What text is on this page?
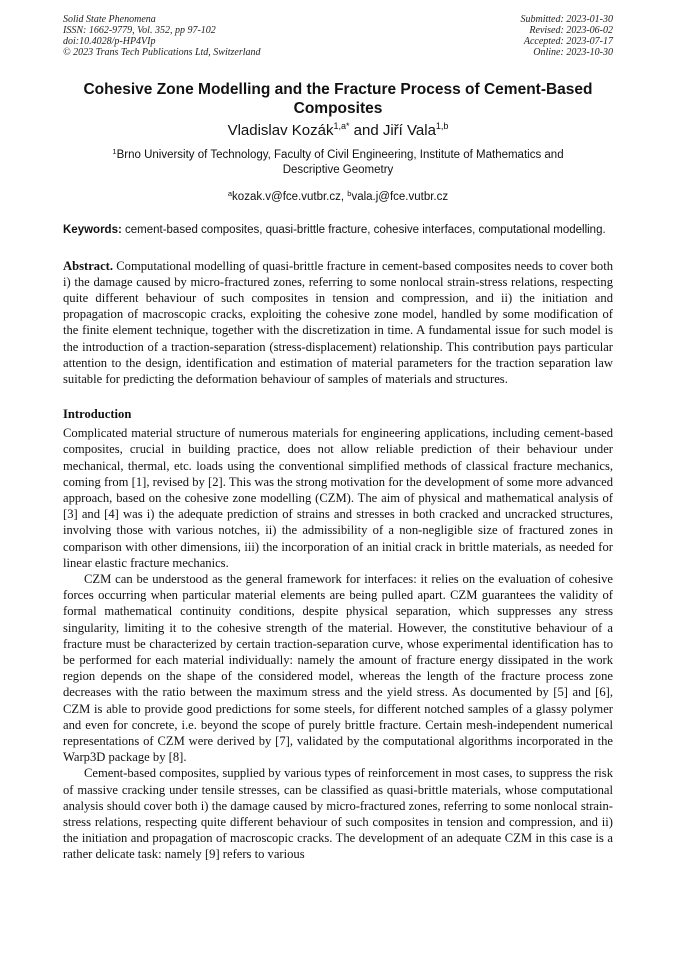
Solid State Phenomena
ISSN: 1662-9779, Vol. 352, pp 97-102
doi:10.4028/p-HP4VIp
© 2023 Trans Tech Publications Ltd, Switzerland
Submitted: 2023-01-30
Revised: 2023-06-02
Accepted: 2023-07-17
Online: 2023-10-30
Cohesive Zone Modelling and the Fracture Process of Cement-Based Composites
Vladislav Kozák$^{1,a*}$ and Jiří Vala$^{1,b}$
$^1$Brno University of Technology, Faculty of Civil Engineering, Institute of Mathematics and Descriptive Geometry
$^a$kozak.v@fce.vutbr.cz, $^b$vala.j@fce.vutbr.cz
Keywords: cement-based composites, quasi-brittle fracture, cohesive interfaces, computational modelling.
Abstract. Computational modelling of quasi-brittle fracture in cement-based composites needs to cover both i) the damage caused by micro-fractured zones, referring to some nonlocal strain-stress relations, respecting quite different behaviour of such composites in tension and compression, and ii) the initiation and propagation of macroscopic cracks, exploiting the cohesive zone model, handled by some modification of the finite element technique, together with the discretization in time. A fundamental issue for such model is the introduction of a traction-separation (stress-displacement) relationship. This contribution pays particular attention to the design, identification and estimation of material parameters for the traction separation law suitable for predicting the deformation behaviour of samples of materials and structures.
Introduction
Complicated material structure of numerous materials for engineering applications, including cement-based composites, crucial in building practice, does not allow reliable prediction of their behaviour under mechanical, thermal, etc. loads using the conventional simplified methods of classical fracture mechanics, coming from [1], revised by [2]. This was the strong motivation for the development of some more advanced approach, based on the cohesive zone modelling (CZM). The aim of physical and mathematical analysis of [3] and [4] was i) the adequate prediction of strains and stresses in both cracked and uncracked structures, involving those with various notches, ii) the admissibility of a non-negligible size of fractured zones in comparison with other dimensions, iii) the incorporation of an initial crack in brittle materials, as needed for linear elastic fracture mechanics.
CZM can be understood as the general framework for interfaces: it relies on the evaluation of cohesive forces occurring when particular material elements are being pulled apart. CZM guarantees the validity of formal mathematical continuity conditions, despite physical separation, which suppresses any stress singularity, limiting it to the cohesive strength of the material. However, the constitutive behaviour of a fracture must be characterized by certain traction-separation curve, whose experimental identification has to be performed for each material individually: namely the amount of fracture energy dissipated in the work region depends on the shape of the considered model, whereas the length of the fracture process zone decreases with the ratio between the maximum stress and the yield stress. As documented by [5] and [6], CZM is able to provide good predictions for some steels, for different notched samples of a glassy polymer and even for concrete, i.e. beyond the scope of purely brittle fracture. Certain mesh-independent numerical representations of CZM were derived by [7], validated by the computational algorithms incorporated in the Warp3D package by [8].
Cement-based composites, supplied by various types of reinforcement in most cases, to suppress the risk of massive cracking under tensile stresses, can be classified as quasi-brittle materials, whose computational analysis should cover both i) the damage caused by micro-fractured zones, referring to some nonlocal strain-stress relations, respecting quite different behaviour of such composites in tension and compression, and ii) the initiation and propagation of macroscopic cracks. The development of an adequate CZM in this case is a rather delicate task: namely [9] refers to various
